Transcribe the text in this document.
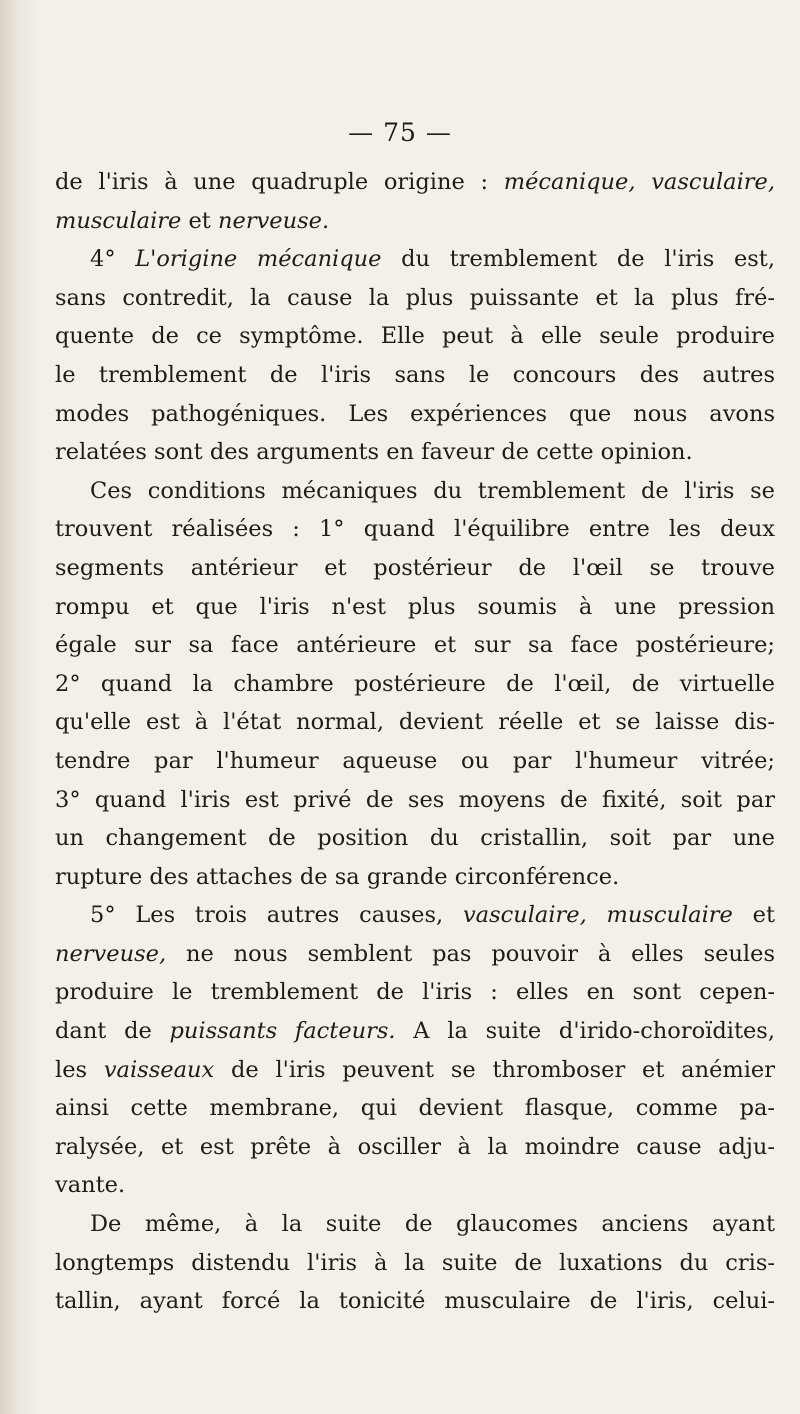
— 75 —
de l'iris à une quadruple origine : mécanique, vasculaire,
musculaire et nerveuse.
4° L'origine mécanique du tremblement de l'iris est,
sans contredit, la cause la plus puissante et la plus fré-
quente de ce symptôme. Elle peut à elle seule produire
le tremblement de l'iris sans le concours des autres
modes pathogéniques. Les expériences que nous avons
relatées sont des arguments en faveur de cette opinion.
Ces conditions mécaniques du tremblement de l'iris se
trouvent réalisées : 1° quand l'équilibre entre les deux
segments antérieur et postérieur de l'œil se trouve
rompu et que l'iris n'est plus soumis à une pression
égale sur sa face antérieure et sur sa face postérieure;
2° quand la chambre postérieure de l'œil, de virtuelle
qu'elle est à l'état normal, devient réelle et se laisse dis-
tendre par l'humeur aqueuse ou par l'humeur vitrée;
3° quand l'iris est privé de ses moyens de fixité, soit par
un changement de position du cristallin, soit par une
rupture des attaches de sa grande circonférence.
5° Les trois autres causes, vasculaire, musculaire et
nerveuse, ne nous semblent pas pouvoir à elles seules
produire le tremblement de l'iris : elles en sont cepen-
dant de puissants facteurs. A la suite d'irido-choroïdites,
les vaisseaux de l'iris peuvent se thromboser et anémier
ainsi cette membrane, qui devient flasque, comme pa-
ralysée, et est prête à osciller à la moindre cause adju-
vante.
De même, à la suite de glaucomes anciens ayant
longtemps distendu l'iris à la suite de luxations du cris-
tallin, ayant forcé la tonicité musculaire de l'iris, celui-
